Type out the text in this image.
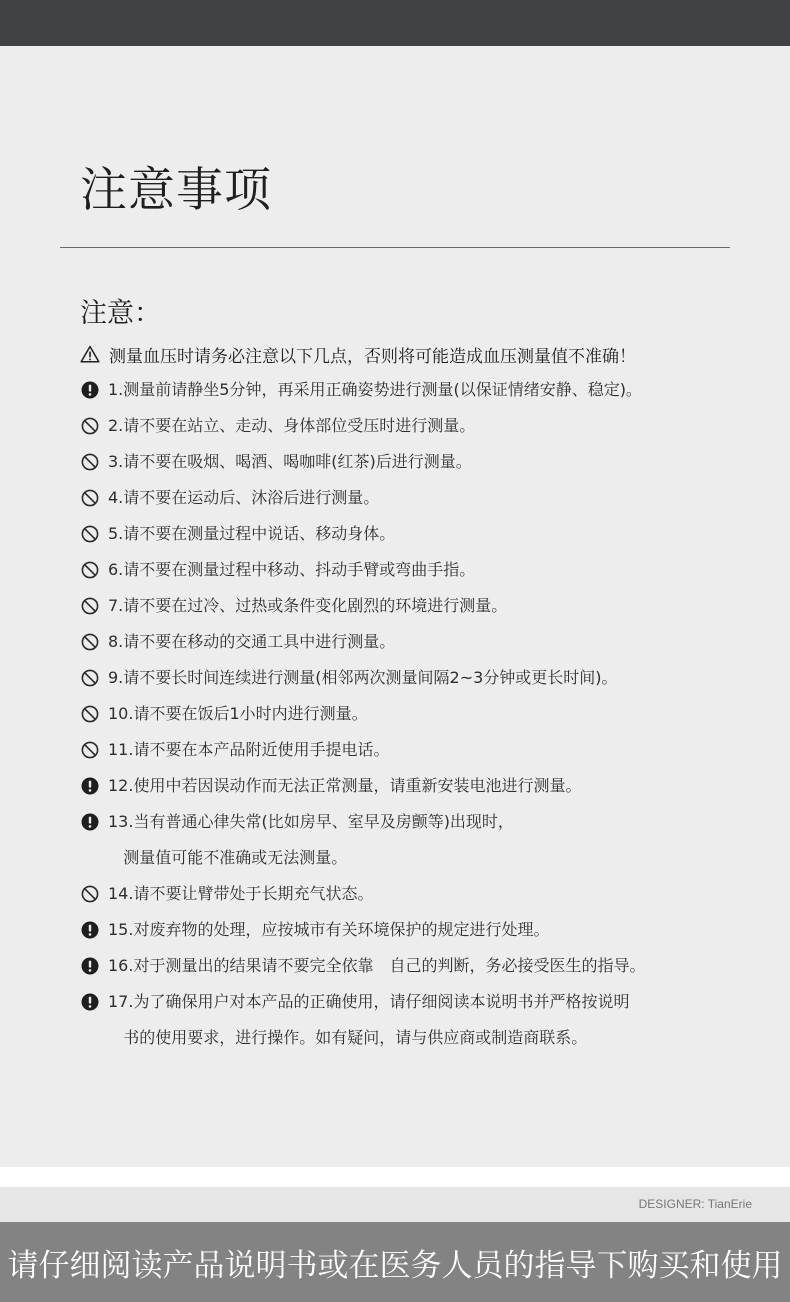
注意事项
注意：
测量血压时请务必注意以下几点，否则将可能造成血压测量值不准确！
1.测量前请静坐5分钟，再采用正确姿势进行测量(以保证情绪安静、稳定)。
2.请不要在站立、走动、身体部位受压时进行测量。
3.请不要在吸烟、喝酒、喝咖啡(红茶)后进行测量。
4.请不要在运动后、沐浴后进行测量。
5.请不要在测量过程中说话、移动身体。
6.请不要在测量过程中移动、抖动手臂或弯曲手指。
7.请不要在过冷、过热或条件变化剧烈的环境进行测量。
8.请不要在移动的交通工具中进行测量。
9.请不要长时间连续进行测量(相邻两次测量间隔2~3分钟或更长时间)。
10.请不要在饭后1小时内进行测量。
11.请不要在本产品附近使用手提电话。
12.使用中若因误动作而无法正常测量，请重新安装电池进行测量。
13.当有普通心律失常(比如房早、室早及房颤等)出现时，
测量值可能不准确或无法测量。
14.请不要让臂带处于长期充气状态。
15.对废弃物的处理，应按城市有关环境保护的规定进行处理。
16.对于测量出的结果请不要完全依靠　自己的判断，务必接受医生的指导。
17.为了确保用户对本产品的正确使用，请仔细阅读本说明书并严格按说明
书的使用要求，进行操作。如有疑问，请与供应商或制造商联系。
DESIGNER: TianErie
请仔细阅读产品说明书或在医务人员的指导下购买和使用
